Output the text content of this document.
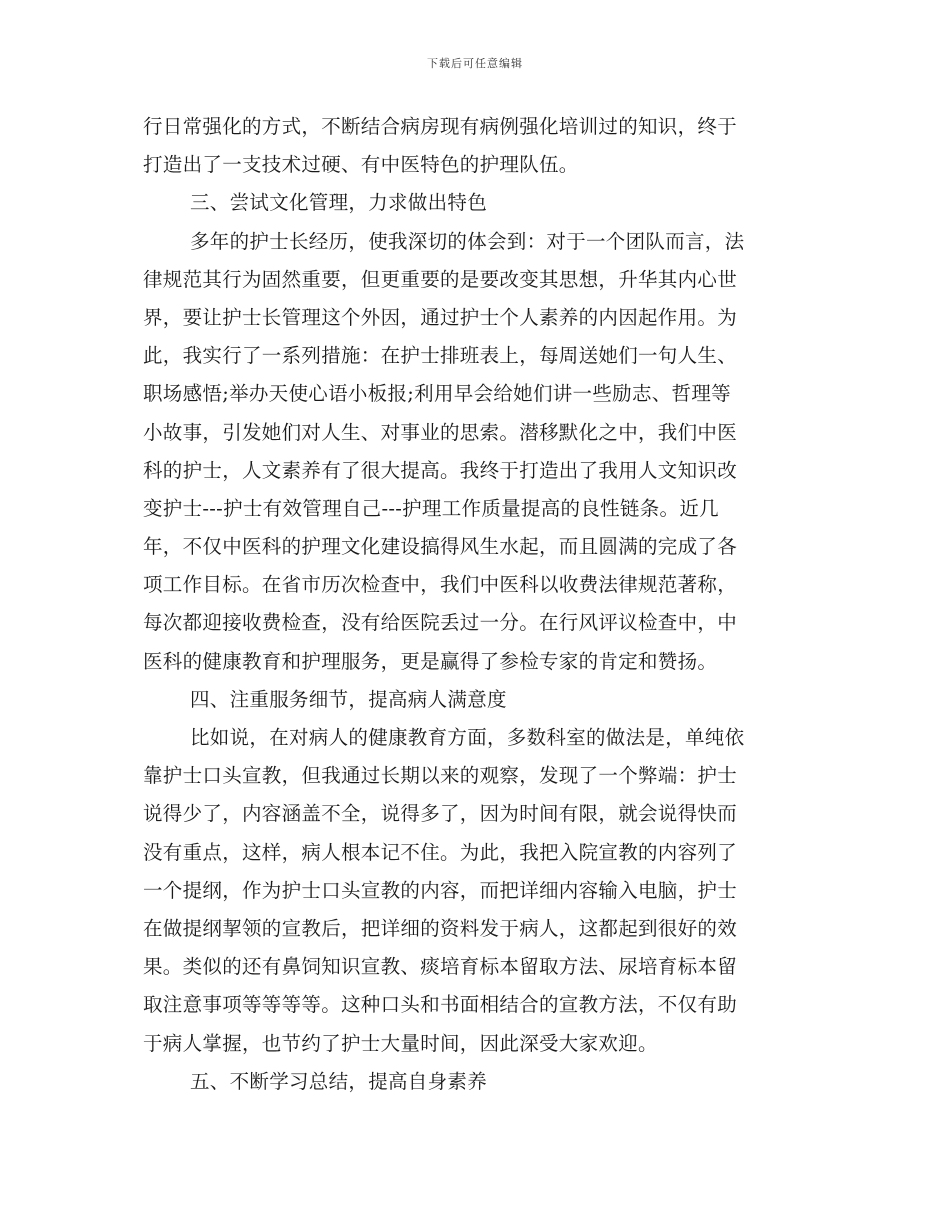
下载后可任意编辑
行日常强化的方式，不断结合病房现有病例强化培训过的知识，终于
打造出了一支技术过硬、有中医特色的护理队伍。
三、尝试文化管理，力求做出特色
多年的护士长经历，使我深切的体会到：对于一个团队而言，法
律规范其行为固然重要，但更重要的是要改变其思想，升华其内心世
界，要让护士长管理这个外因，通过护士个人素养的内因起作用。为
此，我实行了一系列措施：在护士排班表上，每周送她们一句人生、
职场感悟;举办天使心语小板报;利用早会给她们讲一些励志、哲理等
小故事，引发她们对人生、对事业的思索。潜移默化之中，我们中医
科的护士，人文素养有了很大提高。我终于打造出了我用人文知识改
变护士---护士有效管理自己---护理工作质量提高的良性链条。近几
年，不仅中医科的护理文化建设搞得风生水起，而且圆满的完成了各
项工作目标。在省市历次检查中，我们中医科以收费法律规范著称，
每次都迎接收费检查，没有给医院丢过一分。在行风评议检查中，中
医科的健康教育和护理服务，更是赢得了参检专家的肯定和赞扬。
四、注重服务细节，提高病人满意度
比如说，在对病人的健康教育方面，多数科室的做法是，单纯依
靠护士口头宣教，但我通过长期以来的观察，发现了一个弊端：护士
说得少了，内容涵盖不全，说得多了，因为时间有限，就会说得快而
没有重点，这样，病人根本记不住。为此，我把入院宣教的内容列了
一个提纲，作为护士口头宣教的内容，而把详细内容输入电脑，护士
在做提纲挈领的宣教后，把详细的资料发于病人，这都起到很好的效
果。类似的还有鼻饲知识宣教、痰培育标本留取方法、尿培育标本留
取注意事项等等等等。这种口头和书面相结合的宣教方法，不仅有助
于病人掌握，也节约了护士大量时间，因此深受大家欢迎。
五、不断学习总结，提高自身素养
